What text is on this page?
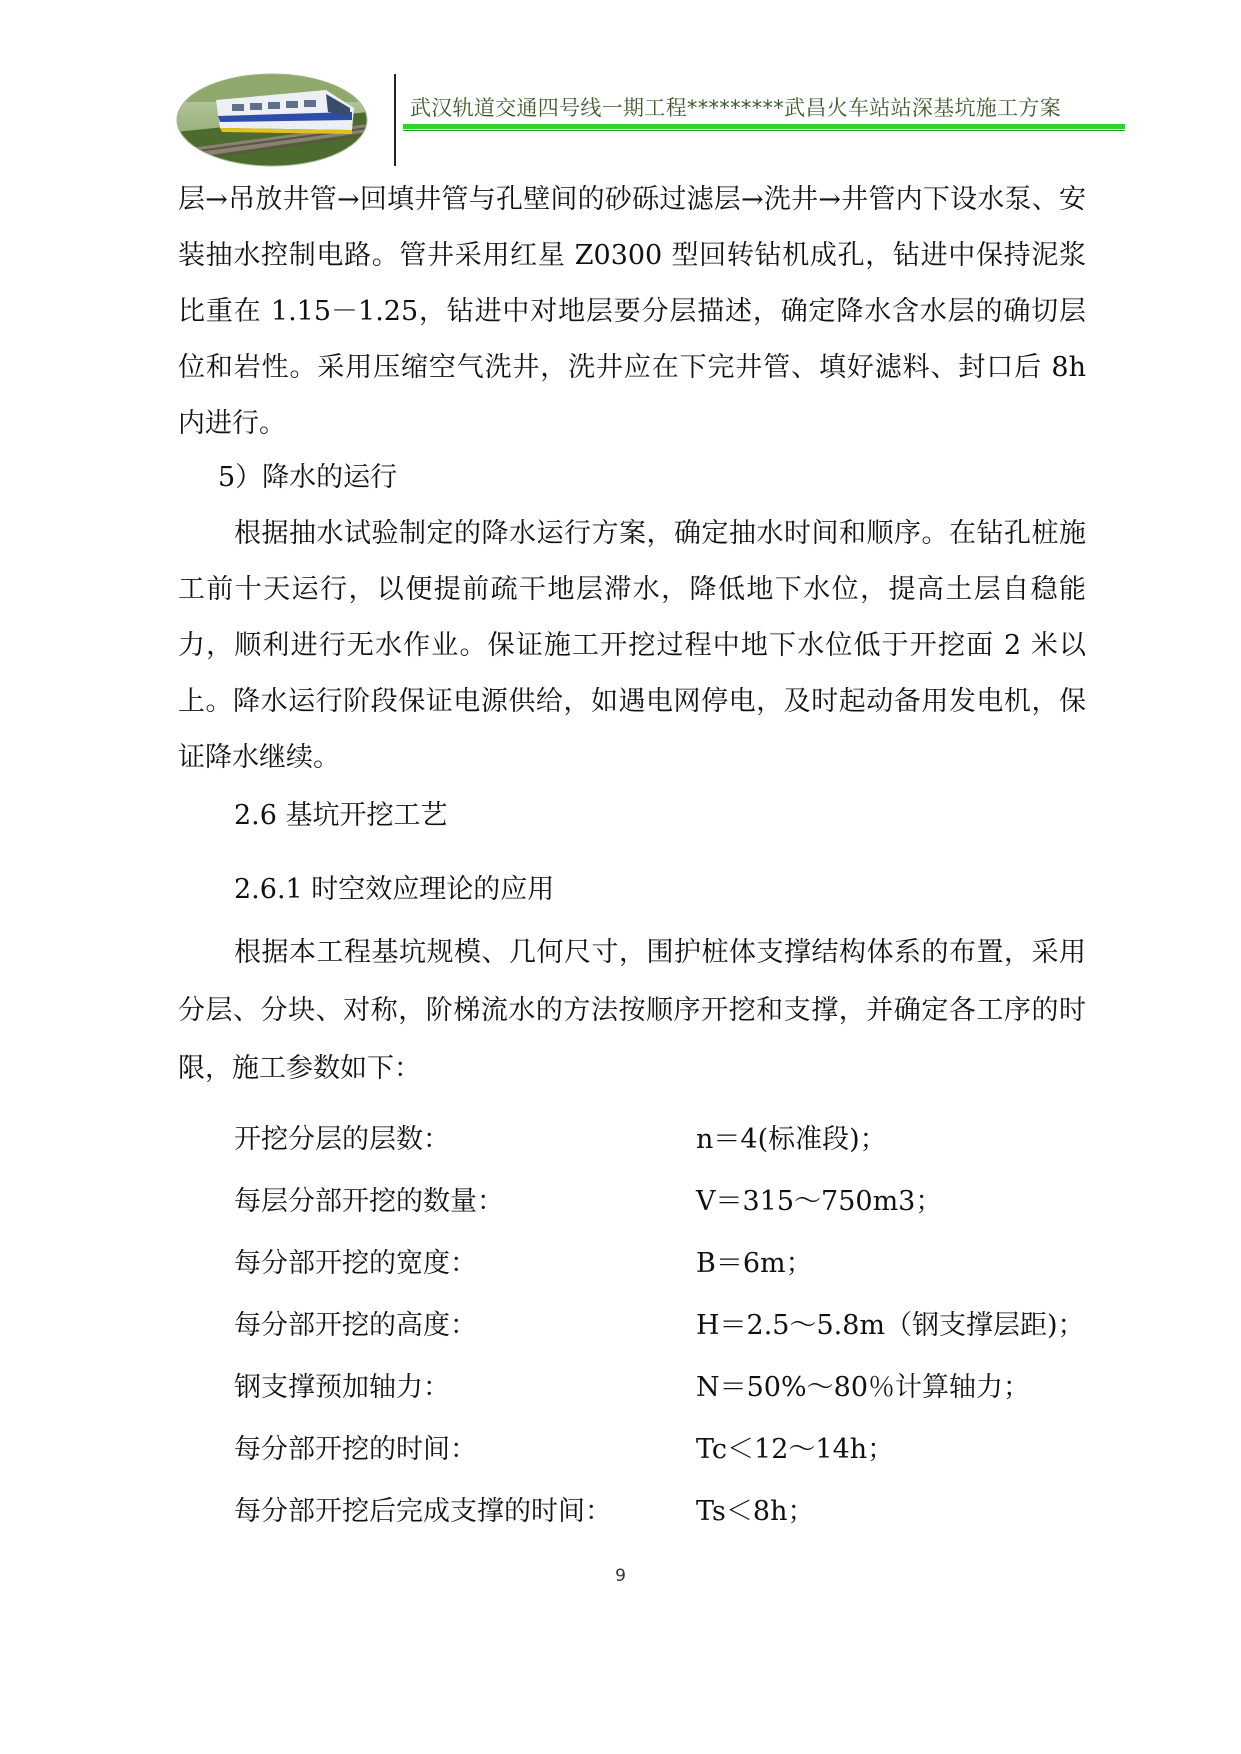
武汉轨道交通四号线一期工程*********武昌火车站站深基坑施工方案

层→吊放井管→回填井管与孔壁间的砂砾过滤层→洗井→井管内下设水泵、安装抽水控制电路。管井采用红星 Z0300 型回转钻机成孔，钻进中保持泥浆比重在 1.15－1.25，钻进中对地层要分层描述，确定降水含水层的确切层位和岩性。采用压缩空气洗井，洗井应在下完井管、填好滤料、封口后 8h 内进行。

5）降水的运行

根据抽水试验制定的降水运行方案，确定抽水时间和顺序。在钻孔桩施工前十天运行，以便提前疏干地层滞水，降低地下水位，提高土层自稳能力，顺利进行无水作业。保证施工开挖过程中地下水位低于开挖面 2 米以上。降水运行阶段保证电源供给，如遇电网停电，及时起动备用发电机，保证降水继续。

2.6 基坑开挖工艺
2.6.1 时空效应理论的应用

根据本工程基坑规模、几何尺寸，围护桩体支撑结构体系的布置，采用分层、分块、对称，阶梯流水的方法按顺序开挖和支撑，并确定各工序的时限，施工参数如下：

开挖分层的层数：	n＝4(标准段)；
每层分部开挖的数量：	V＝315～750m3；
每分部开挖的宽度：	B＝6m；
每分部开挖的高度：	H＝2.5～5.8m（钢支撑层距)；
钢支撑预加轴力：	N＝50%～80％计算轴力；
每分部开挖的时间：	Tc＜12～14h；
每分部开挖后完成支撑的时间：	Ts＜8h；
9
